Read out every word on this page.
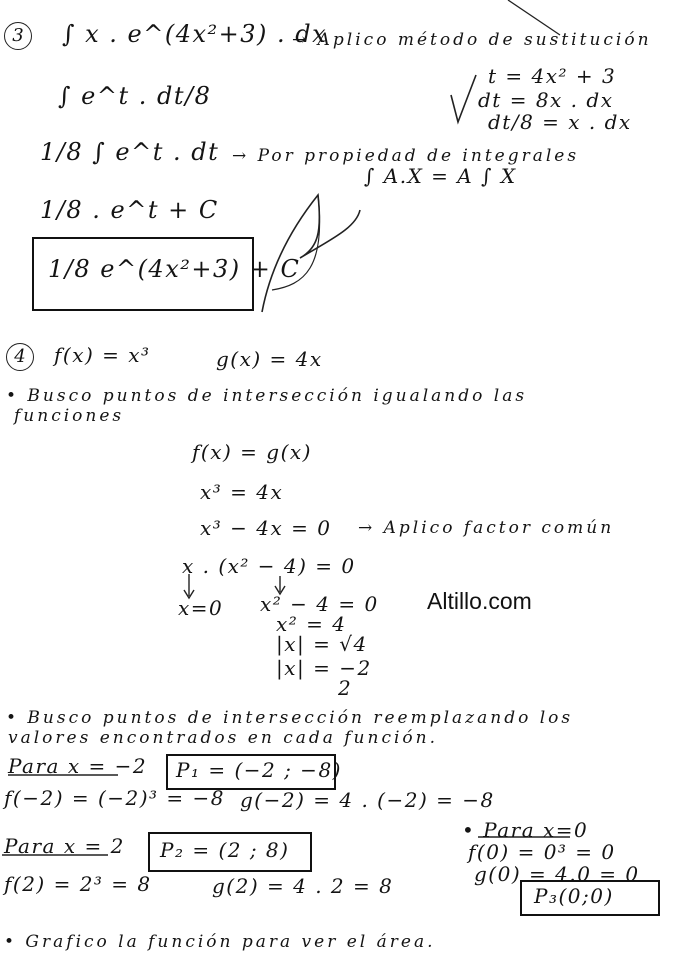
3	∫ x . e^(4x²+3) . dx
→ Aplico método de sustitución
t = 4x² + 3
dt = 8x . dx
dt/8 = x . dx
∫ e^t . dt/8
1/8 ∫ e^t . dt → Por propiedad de integrales
∫ A.X = A ∫ X
1/8 . e^t + C
1/8 e^(4x²+3) + C
4	f(x) = x³	g(x) = 4x
• Busco puntos de intersección igualando las
funciones
f(x) = g(x)
x³ = 4x
x³ − 4x = 0 → Aplico factor común
x . (x² − 4) = 0
x=0 x² − 4 = 0
x² = 4
|x| = √4
|x| = −2
2
Altillo.com
• Busco puntos de intersección reemplazando los
valores encontrados en cada función.
Para x = −2 P₁ = (−2 ; −8)
f(−2) = (−2)³ = −8 g(−2) = 4 . (−2) = −8
Para x = 2 P₂ = (2 ; 8)
f(2) = 2³ = 8	g(2) = 4 . 2 = 8
• Para x=0
f(0) = 0³ = 0
g(0) = 4.0 = 0
P₃(0;0)
• Grafico la función para ver el área.
